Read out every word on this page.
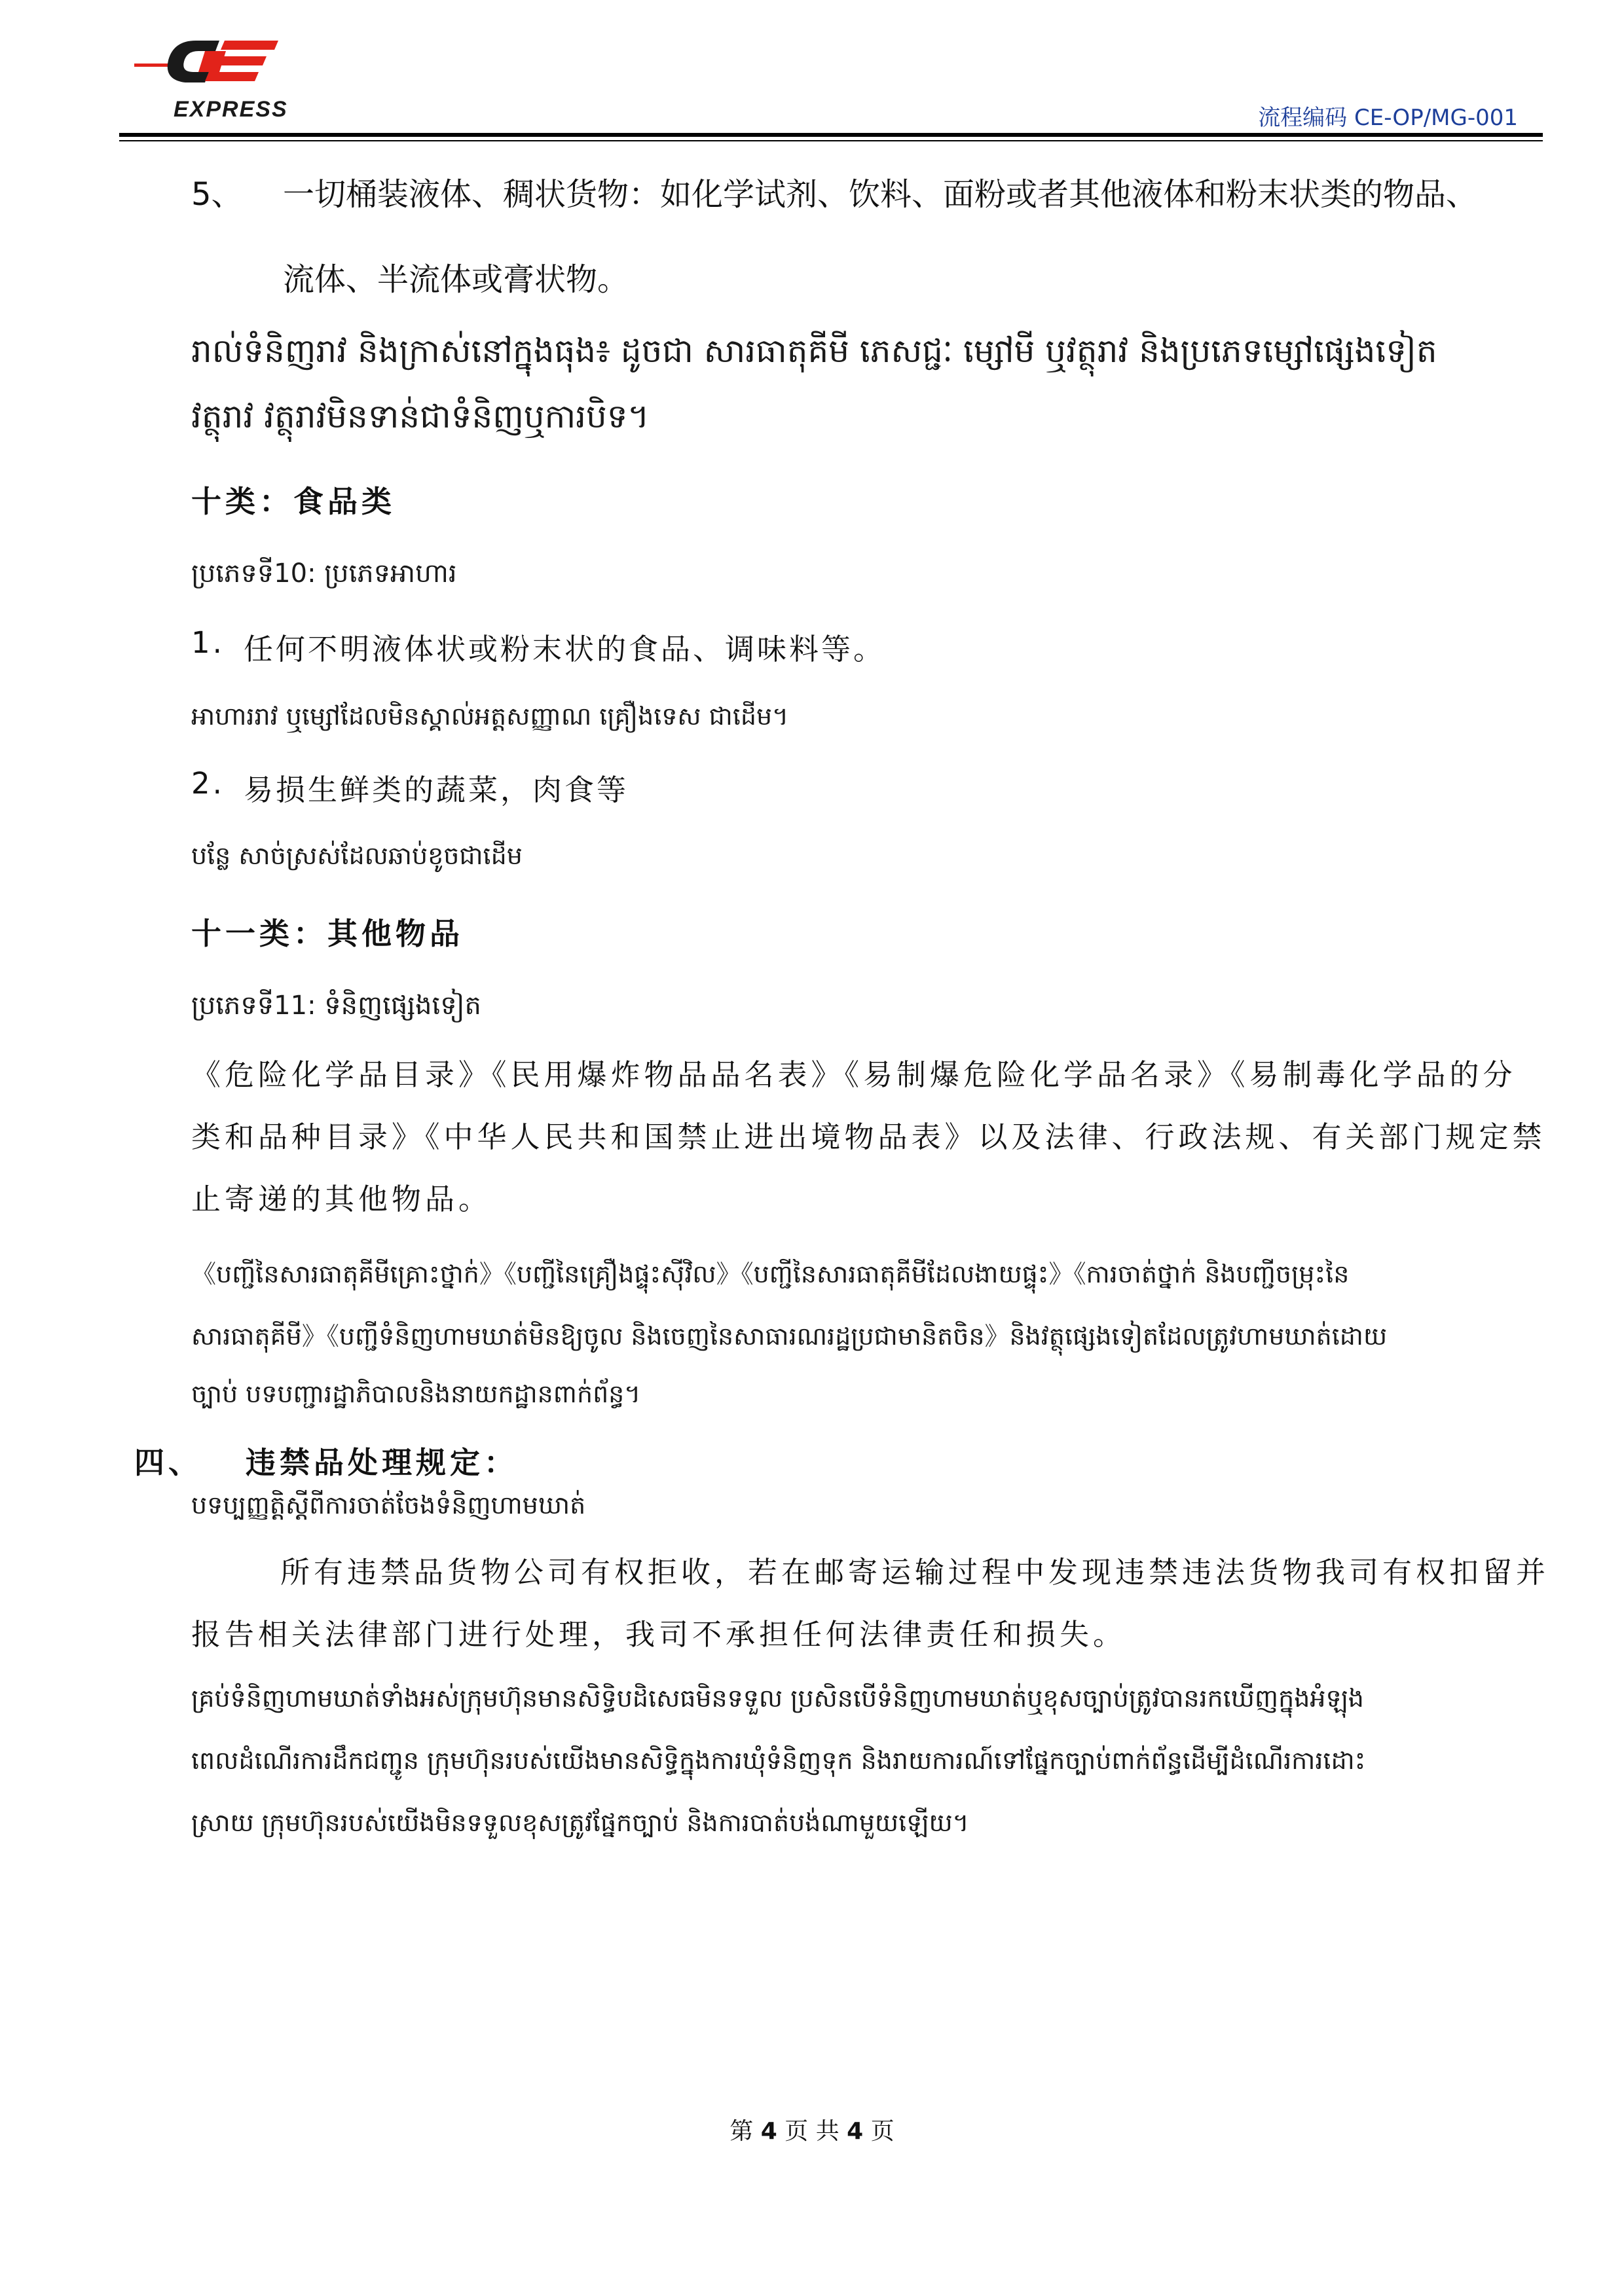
EXPRESS	流程编码 CE-OP/MG-001

5、 一切桶装液体、稠状货物：如化学试剂、饮料、面粉或者其他液体和粉末状类的物品、

流体、半流体或膏状物。

រាល់ទំនិញរាវ និងក្រាស់នៅក្នុងធុង៖ ដូចជា សារធាតុគីមី ភេសជ្ជៈ ម្សៅមី ឬវត្ថុរាវ និងប្រភេទម្សៅផ្សេងទៀត

វត្ថុរាវ វត្ថុរាវមិនទាន់ជាទំនិញឬការបិទ។

十类：食品类

ប្រភេទទី10: ប្រភេទអាហារ

1. 任何不明液体状或粉末状的食品、调味料等。

អាហាររាវ ឬម្សៅដែលមិនស្គាល់អត្តសញ្ញាណ គ្រឿងទេស ជាដើម។

2. 易损生鲜类的蔬菜，肉食等

បន្លែ សាច់ស្រស់ដែលឆាប់ខូចជាដើម

十一类：其他物品

ប្រភេទទី11: ទំនិញផ្សេងទៀត

《危险化学品目录》《民用爆炸物品品名表》《易制爆危险化学品名录》《易制毒化学品的分

类和品种目录》《中华人民共和国禁止进出境物品表》以及法律、行政法规、有关部门规定禁

止寄递的其他物品。

《បញ្ជីនៃសារធាតុគីមីគ្រោះថ្នាក់》《បញ្ជីនៃគ្រឿងផ្ទុះស៊ីវិល》《បញ្ជីនៃសារធាតុគីមីដែលងាយផ្ទុះ》《ការចាត់ថ្នាក់ និងបញ្ជីចម្រុះនៃ

សារធាតុគីមី》《បញ្ជីទំនិញហាមឃាត់មិនឱ្យចូល និងចេញនៃសាធារណរដ្ឋប្រជាមានិតចិន》និងវត្ថុផ្សេងទៀតដែលត្រូវហាមឃាត់ដោយ

ច្បាប់ បទបញ្ជារដ្ឋាភិបាលនិងនាយកដ្ឋានពាក់ព័ន្ធ។

四、 违禁品处理规定：

បទប្បញ្ញត្តិស្តីពីការចាត់ចែងទំនិញហាមឃាត់

所有违禁品货物公司有权拒收，若在邮寄运输过程中发现违禁违法货物我司有权扣留并

报告相关法律部门进行处理，我司不承担任何法律责任和损失。

គ្រប់ទំនិញហាមឃាត់ទាំងអស់ក្រុមហ៊ុនមានសិទ្ធិបដិសេធមិនទទួល ប្រសិនបើទំនិញហាមឃាត់ឬខុសច្បាប់ត្រូវបានរកឃើញក្នុងអំឡុង

ពេលដំណើរការដឹកជញ្ជូន ក្រុមហ៊ុនរបស់យើងមានសិទ្ធិក្នុងការឃុំទំនិញទុក និងរាយការណ៍ទៅផ្នែកច្បាប់ពាក់ព័ន្ធដើម្បីដំណើរការដោះ

ស្រាយ ក្រុមហ៊ុនរបស់យើងមិនទទួលខុសត្រូវផ្នែកច្បាប់ និងការបាត់បង់ណាមួយឡើយ។

第 4 页 共 4 页
